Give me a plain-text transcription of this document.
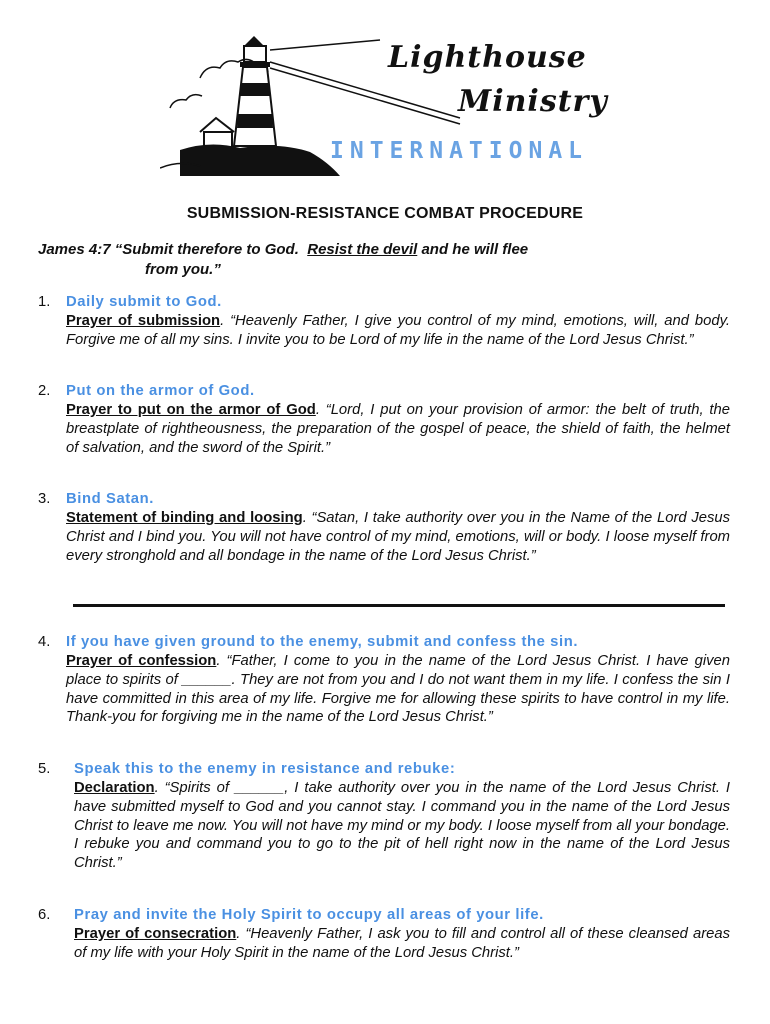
Lighthouse
Ministry
INTERNATIONAL
SUBMISSION-RESISTANCE COMBAT PROCEDURE
James 4:7 “Submit therefore to God. Resist the devil and he will flee
from you.”
1. Daily submit to God.
Prayer of submission. “Heavenly Father, I give you control of my mind, emotions, will, and body. Forgive me of all my sins. I invite you to be Lord of my life in the name of the Lord Jesus Christ.”
2. Put on the armor of God.
Prayer to put on the armor of God. “Lord, I put on your provision of armor: the belt of truth, the breastplate of rightheousness, the preparation of the gospel of peace, the shield of faith, the helmet of salvation, and the sword of the Spirit.”
3. Bind Satan.
Statement of binding and loosing. “Satan, I take authority over you in the Name of the Lord Jesus Christ and I bind you. You will not have control of my mind, emotions, will or body. I loose myself from every stronghold and all bondage in the name of the Lord Jesus Christ.”
4. If you have given ground to the enemy, submit and confess the sin.
Prayer of confession. “Father, I come to you in the name of the Lord Jesus Christ. I have given place to spirits of ______. They are not from you and I do not want them in my life. I confess the sin I have committed in this area of my life. Forgive me for allowing these spirits to have control in my life. Thank-you for forgiving me in the name of the Lord Jesus Christ.”
5. Speak this to the enemy in resistance and rebuke:
Declaration. “Spirits of ______, I take authority over you in the name of the Lord Jesus Christ. I have submitted myself to God and you cannot stay. I command you in the name of the Lord Jesus Christ to leave me now. You will not have my mind or my body. I loose myself from all your bondage. I rebuke you and command you to go to the pit of hell right now in the name of the Lord Jesus Christ.”
6. Pray and invite the Holy Spirit to occupy all areas of your life.
Prayer of consecration. “Heavenly Father, I ask you to fill and control all of these cleansed areas of my life with your Holy Spirit in the name of the Lord Jesus Christ.”
